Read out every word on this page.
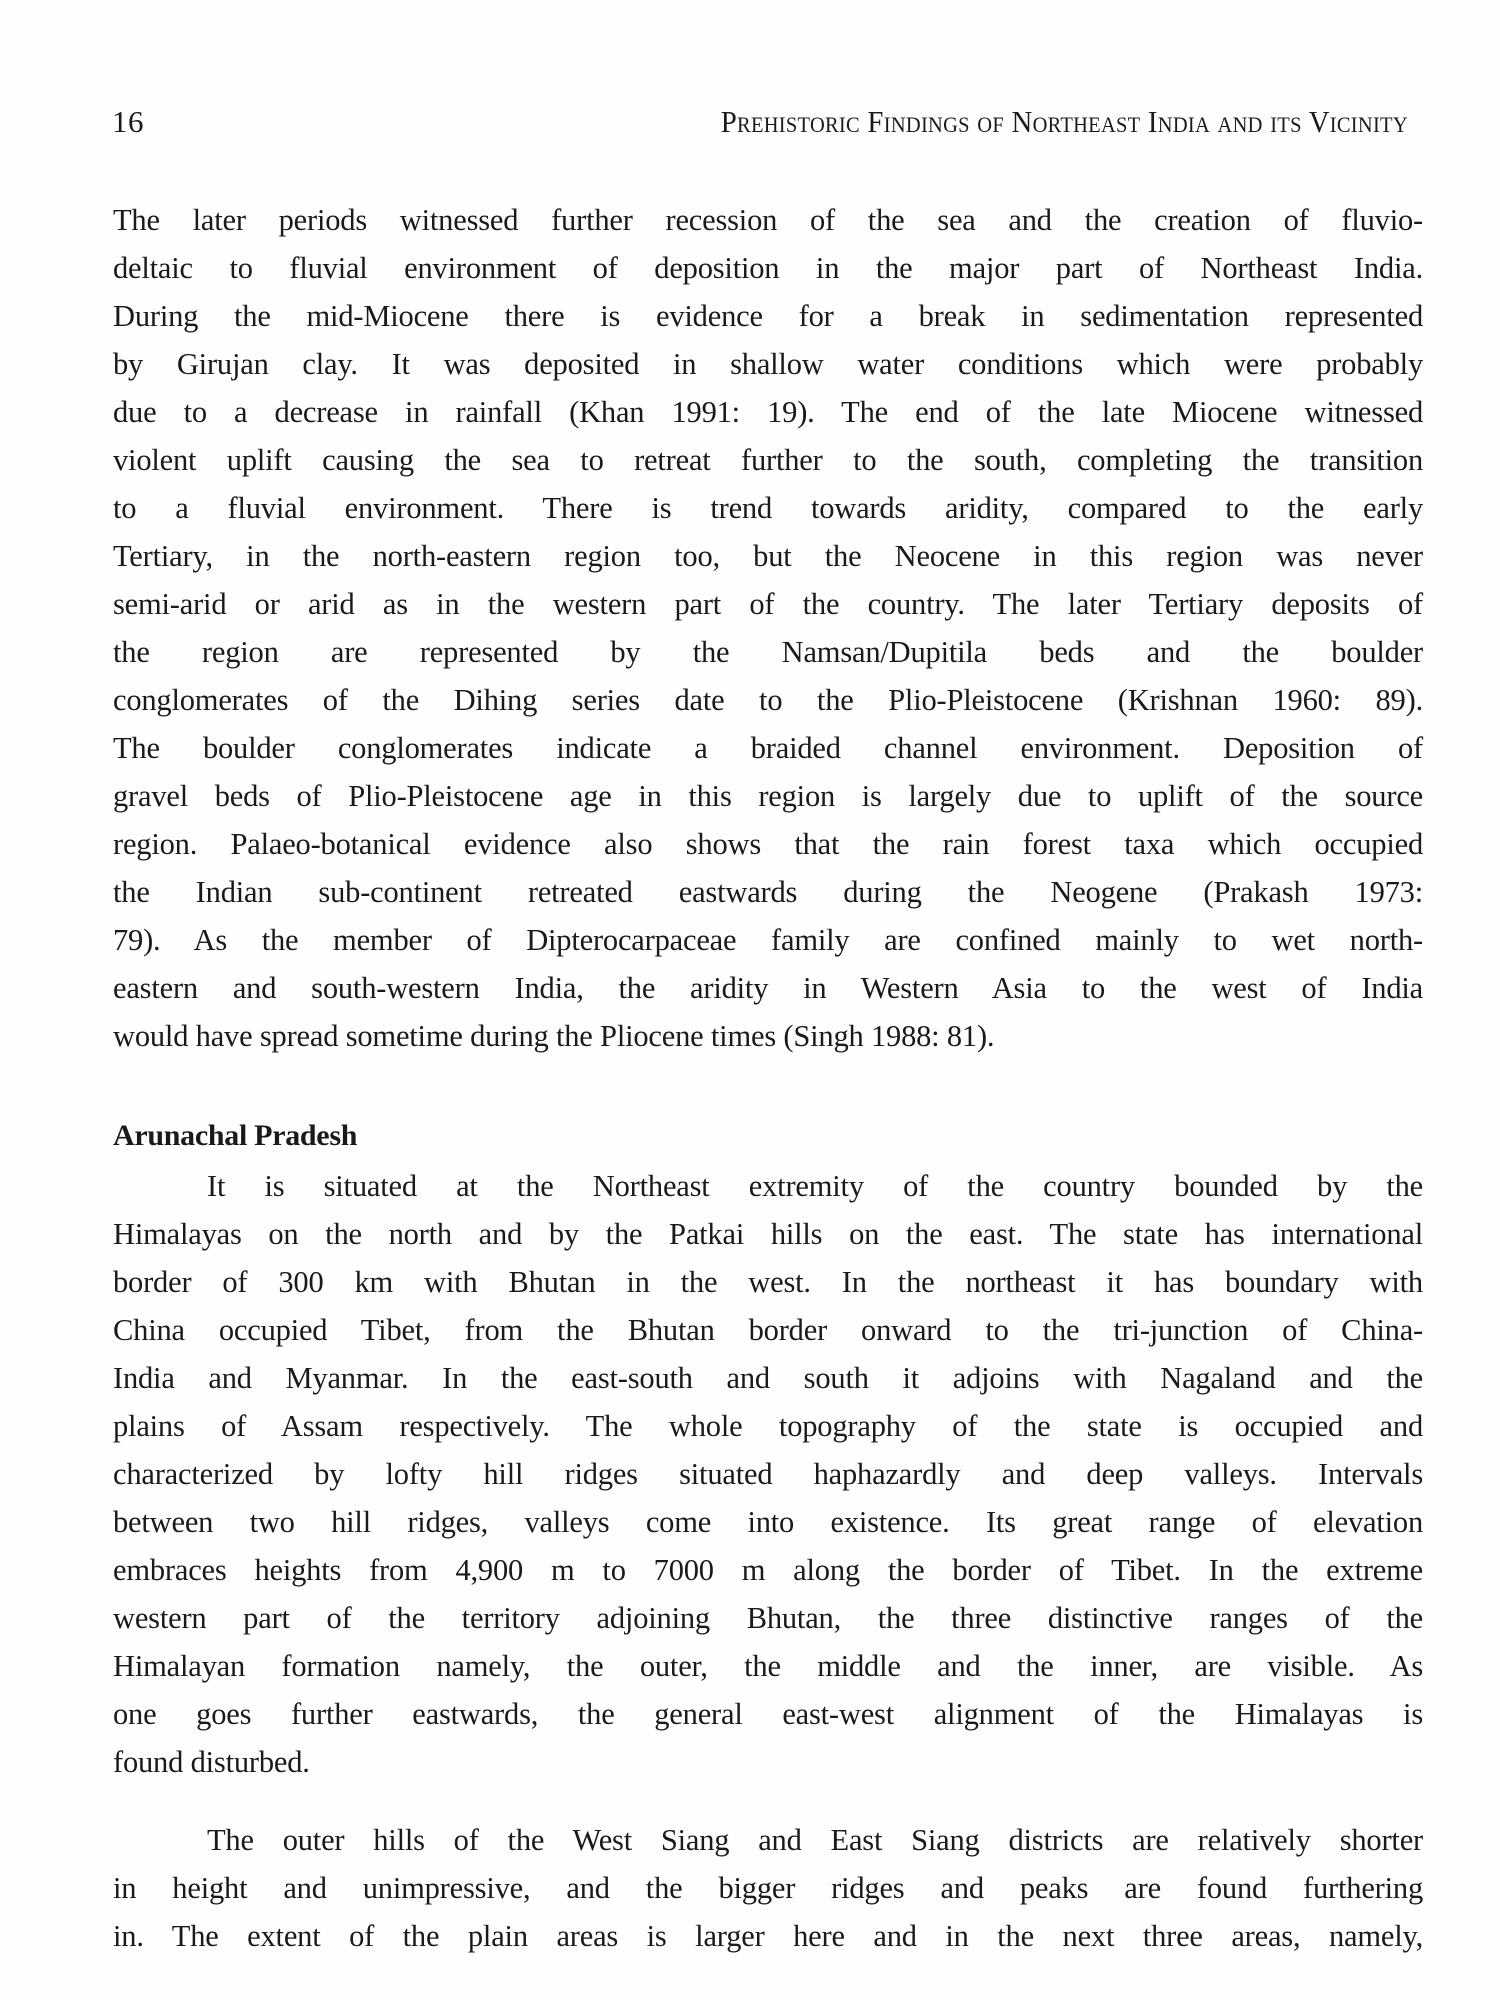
16	Prehistoric Findings of Northeast India and its Vicinity
The later periods witnessed further recession of the sea and the creation of fluvio-
deltaic to fluvial environment of deposition in the major part of Northeast India.
During the mid-Miocene there is evidence for a break in sedimentation represented
by Girujan clay. It was deposited in shallow water conditions which were probably
due to a decrease in rainfall (Khan 1991: 19). The end of the late Miocene witnessed
violent uplift causing the sea to retreat further to the south, completing the transition
to a fluvial environment. There is trend towards aridity, compared to the early
Tertiary, in the north-eastern region too, but the Neocene in this region was never
semi-arid or arid as in the western part of the country. The later Tertiary deposits of
the region are represented by the Namsan/Dupitila beds and the boulder
conglomerates of the Dihing series date to the Plio-Pleistocene (Krishnan 1960: 89).
The boulder conglomerates indicate a braided channel environment. Deposition of
gravel beds of Plio-Pleistocene age in this region is largely due to uplift of the source
region. Palaeo-botanical evidence also shows that the rain forest taxa which occupied
the Indian sub-continent retreated eastwards during the Neogene (Prakash 1973:
79). As the member of Dipterocarpaceae family are confined mainly to wet north-
eastern and south-western India, the aridity in Western Asia to the west of India
would have spread sometime during the Pliocene times (Singh 1988: 81).
Arunachal Pradesh
It is situated at the Northeast extremity of the country bounded by the
Himalayas on the north and by the Patkai hills on the east. The state has international
border of 300 km with Bhutan in the west. In the northeast it has boundary with
China occupied Tibet, from the Bhutan border onward to the tri-junction of China-
India and Myanmar. In the east-south and south it adjoins with Nagaland and the
plains of Assam respectively. The whole topography of the state is occupied and
characterized by lofty hill ridges situated haphazardly and deep valleys. Intervals
between two hill ridges, valleys come into existence. Its great range of elevation
embraces heights from 4,900 m to 7000 m along the border of Tibet. In the extreme
western part of the territory adjoining Bhutan, the three distinctive ranges of the
Himalayan formation namely, the outer, the middle and the inner, are visible. As
one goes further eastwards, the general east-west alignment of the Himalayas is
found disturbed.
The outer hills of the West Siang and East Siang districts are relatively shorter
in height and unimpressive, and the bigger ridges and peaks are found furthering
in. The extent of the plain areas is larger here and in the next three areas, namely,
